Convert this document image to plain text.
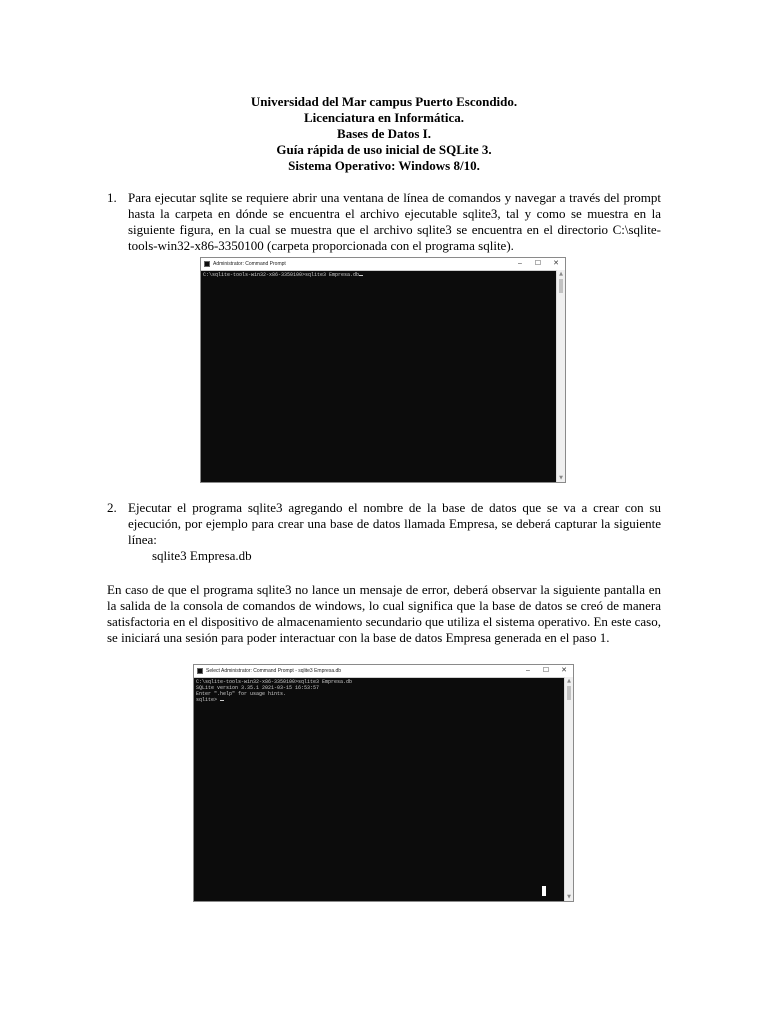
Universidad del Mar campus Puerto Escondido.
Licenciatura en Informática.
Bases de Datos I.
Guía rápida de uso inicial de SQLite 3.
Sistema Operativo: Windows 8/10.
1. Para ejecutar sqlite se requiere abrir una ventana de línea de comandos y navegar a través del prompt hasta la carpeta en dónde se encuentra el archivo ejecutable sqlite3, tal y como se muestra en la siguiente figura, en la cual se muestra que el archivo sqlite3 se encuentra en el directorio C:\sqlite-tools-win32-x86-3350100 (carpeta proporcionada con el programa sqlite).
Administrator: Command Prompt	–	☐	✕
C:\sqlite-tools-win32-x86-3350100>sqlite3 Empresa.db	▲
▼
2. Ejecutar el programa sqlite3 agregando el nombre de la base de datos que se va a crear con su ejecución, por ejemplo para crear una base de datos llamada Empresa, se deberá capturar la siguiente línea:
sqlite3 Empresa.db
En caso de que el programa sqlite3 no lance un mensaje de error, deberá observar la siguiente pantalla en la salida de la consola de comandos de windows, lo cual significa que la base de datos se creó de manera satisfactoria en el dispositivo de almacenamiento secundario que utiliza el sistema operativo. En este caso, se iniciará una sesión para poder interactuar con la base de datos Empresa generada en el paso 1.
Select Administrator: Command Prompt - sqlite3 Empresa.db	–	☐	✕
C:\sqlite-tools-win32-x86-3350100>sqlite3 Empresa.db
SQLite version 3.35.1 2021-03-15 16:53:57
Enter ".help" for usage hints.
sqlite>
▲
▼
